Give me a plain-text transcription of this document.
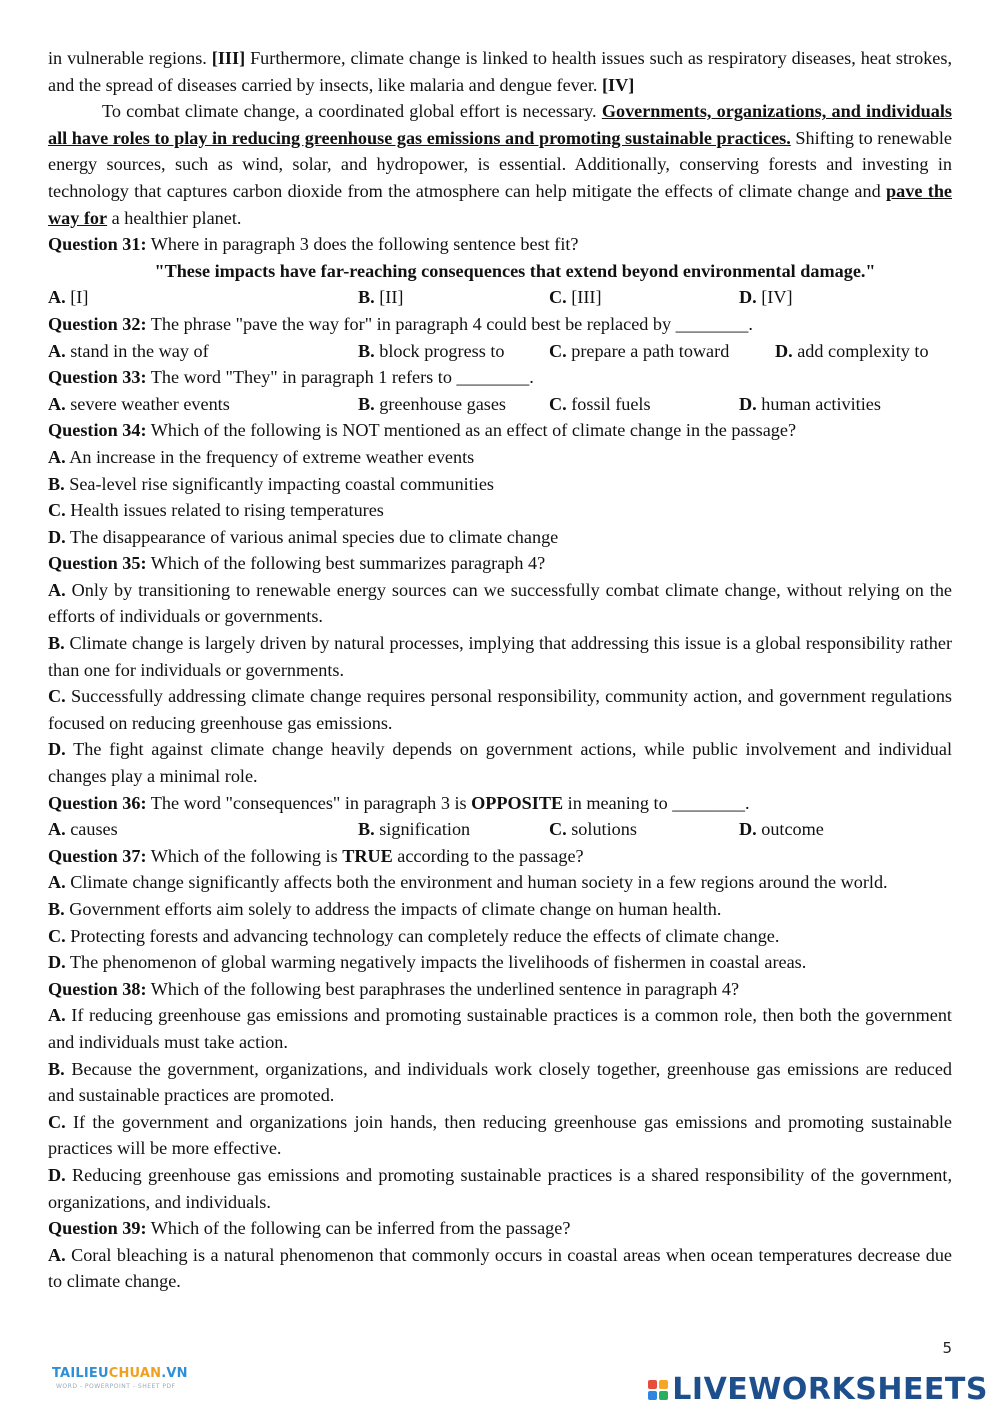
in vulnerable regions. [III] Furthermore, climate change is linked to health issues such as respiratory diseases, heat strokes, and the spread of diseases carried by insects, like malaria and dengue fever. [IV]

To combat climate change, a coordinated global effort is necessary. Governments, organizations, and individuals all have roles to play in reducing greenhouse gas emissions and promoting sustainable practices. Shifting to renewable energy sources, such as wind, solar, and hydropower, is essential. Additionally, conserving forests and investing in technology that captures carbon dioxide from the atmosphere can help mitigate the effects of climate change and pave the way for a healthier planet.

Question 31: Where in paragraph 3 does the following sentence best fit?

"These impacts have far-reaching consequences that extend beyond environmental damage."

A. [I]	B. [II]	C. [III]	D. [IV]

Question 32: The phrase "pave the way for" in paragraph 4 could best be replaced by ________.

A. stand in the way of	B. block progress to	C. prepare a path toward	D. add complexity to

Question 33: The word "They" in paragraph 1 refers to ________.

A. severe weather events	B. greenhouse gases	C. fossil fuels	D. human activities

Question 34: Which of the following is NOT mentioned as an effect of climate change in the passage?

A. An increase in the frequency of extreme weather events

B. Sea-level rise significantly impacting coastal communities

C. Health issues related to rising temperatures

D. The disappearance of various animal species due to climate change

Question 35: Which of the following best summarizes paragraph 4?

A. Only by transitioning to renewable energy sources can we successfully combat climate change, without relying on the efforts of individuals or governments.

B. Climate change is largely driven by natural processes, implying that addressing this issue is a global responsibility rather than one for individuals or governments.

C. Successfully addressing climate change requires personal responsibility, community action, and government regulations focused on reducing greenhouse gas emissions.

D. The fight against climate change heavily depends on government actions, while public involvement and individual changes play a minimal role.

Question 36: The word "consequences" in paragraph 3 is OPPOSITE in meaning to ________.

A. causes	B. signification	C. solutions	D. outcome

Question 37: Which of the following is TRUE according to the passage?

A. Climate change significantly affects both the environment and human society in a few regions around the world.

B. Government efforts aim solely to address the impacts of climate change on human health.

C. Protecting forests and advancing technology can completely reduce the effects of climate change.

D. The phenomenon of global warming negatively impacts the livelihoods of fishermen in coastal areas.

Question 38: Which of the following best paraphrases the underlined sentence in paragraph 4?

A. If reducing greenhouse gas emissions and promoting sustainable practices is a common role, then both the government and individuals must take action.

B. Because the government, organizations, and individuals work closely together, greenhouse gas emissions are reduced and sustainable practices are promoted.

C. If the government and organizations join hands, then reducing greenhouse gas emissions and promoting sustainable practices will be more effective.

D. Reducing greenhouse gas emissions and promoting sustainable practices is a shared responsibility of the government, organizations, and individuals.

Question 39: Which of the following can be inferred from the passage?

A. Coral bleaching is a natural phenomenon that commonly occurs in coastal areas when ocean temperatures decrease due to climate change.

5
TAILIEUCHUAN.VN
WORD - POWERPOINT - SHEET PDF	LIVEWORKSHEETS
